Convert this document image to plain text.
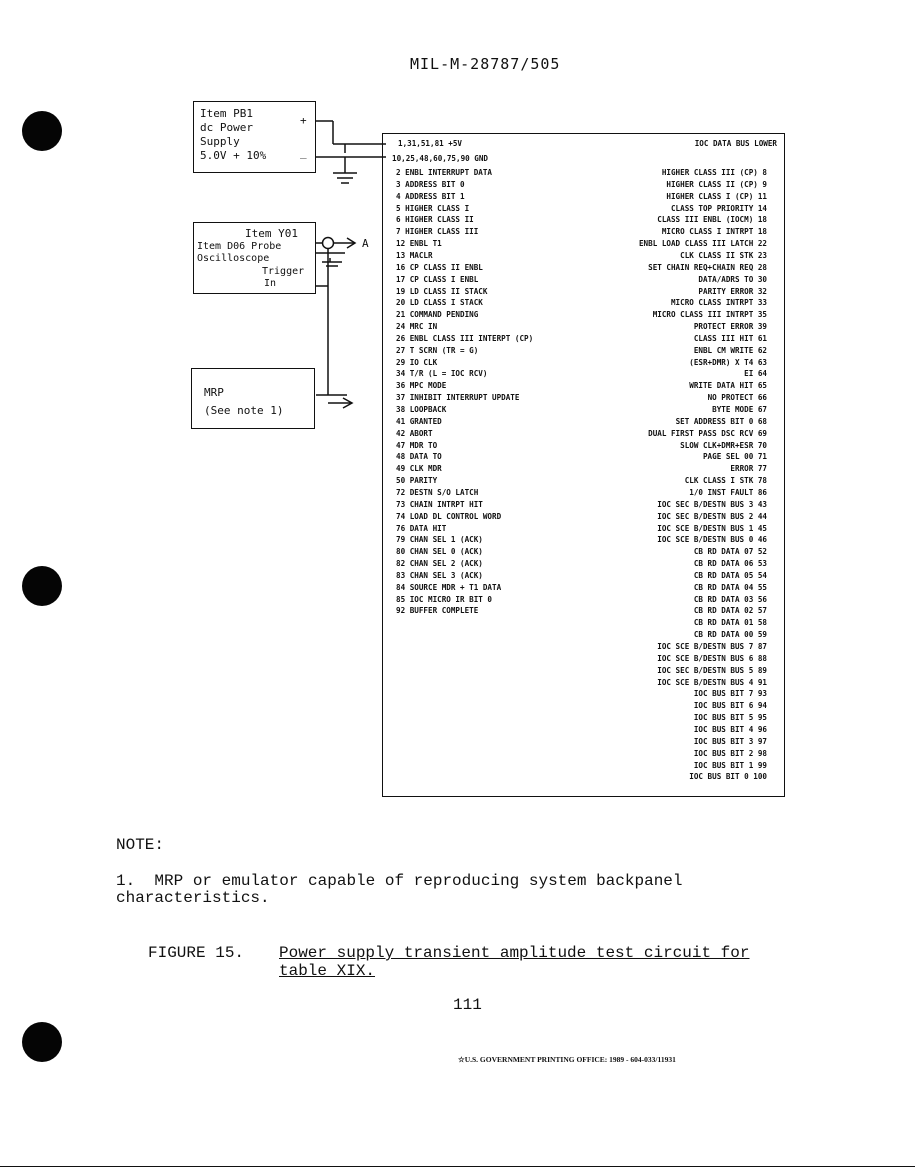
MIL-M-28787/505
Item PB1
dc Power
Supply
5.0V + 10%
+
_
Item Y01
Item D06 Probe
Oscilloscope
Trigger
In
A
MRP
(See note 1)
1,31,51,81 +5V
10,25,48,60,75,90 GND
IOC DATA BUS LOWER
2 ENBL INTERRUPT DATA
3 ADDRESS BIT 0
4 ADDRESS BIT 1
5 HIGHER CLASS I
6 HIGHER CLASS II
7 HIGHER CLASS III
12 ENBL T1
13 MACLR
16 CP CLASS II ENBL
17 CP CLASS I ENBL
19 LD CLASS II STACK
20 LD CLASS I STACK
21 COMMAND PENDING
24 MRC IN
26 ENBL CLASS III INTERPT (CP)
27 T SCRN (TR = G)
29 IO CLK
34 T/R (L = IOC RCV)
36 MPC MODE
37 INHIBIT INTERRUPT UPDATE
38 LOOPBACK
41 GRANTED
42 ABORT
47 MDR TO
48 DATA TO
49 CLK MDR
50 PARITY
72 DESTN S/O LATCH
73 CHAIN INTRPT HIT
74 LOAD DL CONTROL WORD
76 DATA HIT
79 CHAN SEL 1 (ACK)
80 CHAN SEL 0 (ACK)
82 CHAN SEL 2 (ACK)
83 CHAN SEL 3 (ACK)
84 SOURCE MDR + T1 DATA
85 IOC MICRO IR BIT 0
92 BUFFER COMPLETE
HIGHER CLASS III (CP) 8
HIGHER CLASS II (CP) 9
HIGHER CLASS I (CP) 11
CLASS TOP PRIORITY 14
CLASS III ENBL (IOCM) 18
MICRO CLASS I INTRPT 18
ENBL LOAD CLASS III LATCH 22
CLK CLASS II STK 23
SET CHAIN REQ+CHAIN REQ 28
DATA/ADRS TO 30
PARITY ERROR 32
MICRO CLASS INTRPT 33
MICRO CLASS III INTRPT 35
PROTECT ERROR 39
CLASS III HIT 61
ENBL CM WRITE 62
(ESR+DMR) X T4 63
EI 64
WRITE DATA HIT 65
NO PROTECT 66
BYTE MODE 67
SET ADDRESS BIT 0 68
DUAL FIRST PASS DSC RCV 69
SLOW CLK+DMR+ESR 70
PAGE SEL 00 71
ERROR 77
CLK CLASS I STK 78
1/0 INST FAULT 86
IOC SEC B/DESTN BUS 3 43
IOC SEC B/DESTN BUS 2 44
IOC SCE B/DESTN BUS 1 45
IOC SCE B/DESTN BUS 0 46
CB RD DATA 07 52
CB RD DATA 06 53
CB RD DATA 05 54
CB RD DATA 04 55
CB RD DATA 03 56
CB RD DATA 02 57
CB RD DATA 01 58
CB RD DATA 00 59
IOC SCE B/DESTN BUS 7 87
IOC SCE B/DESTN BUS 6 88
IOC SEC B/DESTN BUS 5 89
IOC SCE B/DESTN BUS 4 91
IOC BUS BIT 7 93
IOC BUS BIT 6 94
IOC BUS BIT 5 95
IOC BUS BIT 4 96
IOC BUS BIT 3 97
IOC BUS BIT 2 98
IOC BUS BIT 1 99
IOC BUS BIT 0 100
NOTE:
1.  MRP or emulator capable of reproducing system backpanel
characteristics.
FIGURE 15. Power supply transient amplitude test circuit for
table XIX.
111
☆U.S. GOVERNMENT PRINTING OFFICE: 1989 - 604-033/11931
